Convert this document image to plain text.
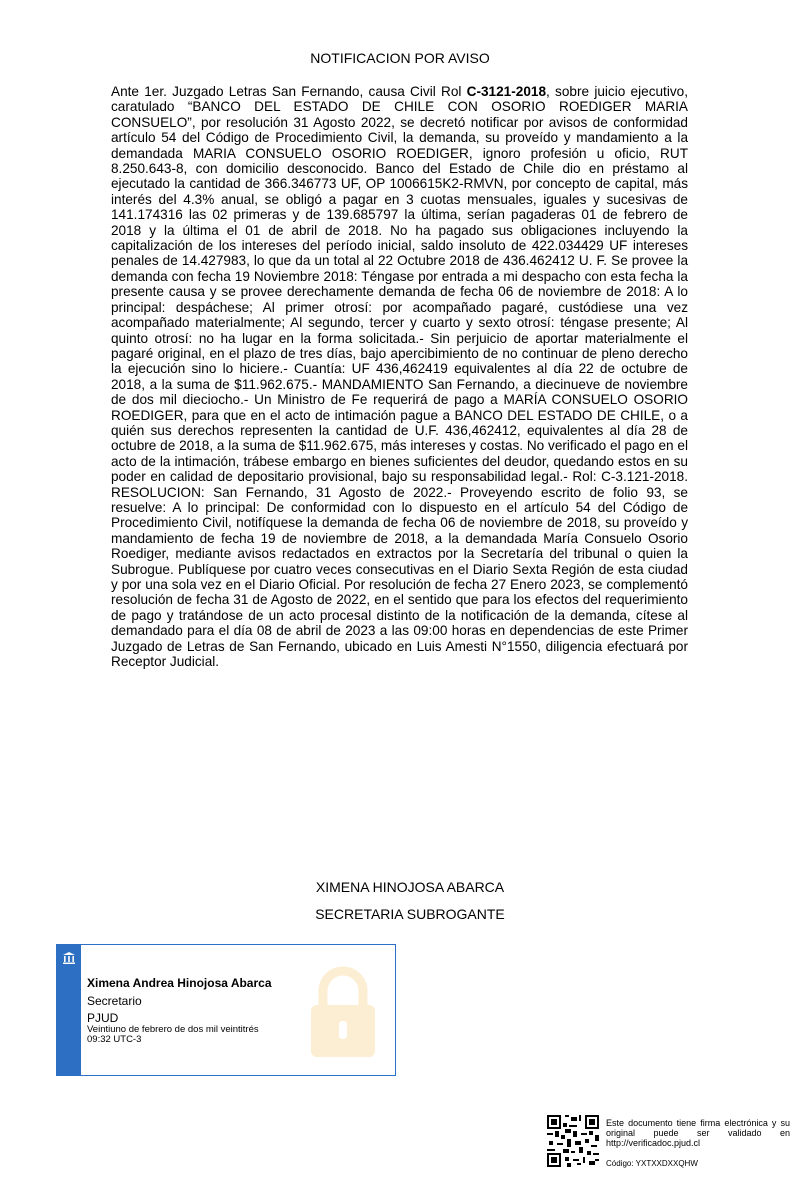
NOTIFICACION POR AVISO
Ante 1er. Juzgado Letras San Fernando, causa Civil Rol C-3121-2018, sobre juicio ejecutivo, caratulado “BANCO DEL ESTADO DE CHILE CON OSORIO ROEDIGER MARIA CONSUELO”, por resolución 31 Agosto 2022, se decretó notificar por avisos de conformidad artículo 54 del Código de Procedimiento Civil, la demanda, su proveído y mandamiento a la demandada MARIA CONSUELO OSORIO ROEDIGER, ignoro profesión u oficio, RUT 8.250.643-8, con domicilio desconocido. Banco del Estado de Chile dio en préstamo al ejecutado la cantidad de 366.346773 UF, OP 1006615K2-RMVN, por concepto de capital, más interés del 4.3% anual, se obligó a pagar en 3 cuotas mensuales, iguales y sucesivas de 141.174316 las 02 primeras y de 139.685797 la última, serían pagaderas 01 de febrero de 2018 y la última el 01 de abril de 2018. No ha pagado sus obligaciones incluyendo la capitalización de los intereses del período inicial, saldo insoluto de 422.034429 UF intereses penales de 14.427983, lo que da un total al 22 Octubre 2018 de 436.462412 U. F. Se provee la demanda con fecha 19 Noviembre 2018: Téngase por entrada a mi despacho con esta fecha la presente causa y se provee derechamente demanda de fecha 06 de noviembre de 2018: A lo principal: despáchese; Al primer otrosí: por acompañado pagaré, custódiese una vez acompañado materialmente; Al segundo, tercer y cuarto y sexto otrosí: téngase presente; Al quinto otrosí: no ha lugar en la forma solicitada.- Sin perjuicio de aportar materialmente el pagaré original, en el plazo de tres días, bajo apercibimiento de no continuar de pleno derecho la ejecución sino lo hiciere.- Cuantía: UF 436,462419 equivalentes al día 22 de octubre de 2018, a la suma de $11.962.675.- MANDAMIENTO San Fernando, a diecinueve de noviembre de dos mil dieciocho.- Un Ministro de Fe requerirá de pago a MARÍA CONSUELO OSORIO ROEDIGER, para que en el acto de intimación pague a BANCO DEL ESTADO DE CHILE, o a quién sus derechos representen la cantidad de U.F. 436,462412, equivalentes al día 28 de octubre de 2018, a la suma de $11.962.675, más intereses y costas. No verificado el pago en el acto de la intimación, trábese embargo en bienes suficientes del deudor, quedando estos en su poder en calidad de depositario provisional, bajo su responsabilidad legal.- Rol: C-3.121-2018. RESOLUCION: San Fernando, 31 Agosto de 2022.- Proveyendo escrito de folio 93, se resuelve: A lo principal: De conformidad con lo dispuesto en el artículo 54 del Código de Procedimiento Civil, notifíquese la demanda de fecha 06 de noviembre de 2018, su proveído y mandamiento de fecha 19 de noviembre de 2018, a la demandada María Consuelo Osorio Roediger, mediante avisos redactados en extractos por la Secretaría del tribunal o quien la Subrogue. Publíquese por cuatro veces consecutivas en el Diario Sexta Región de esta ciudad y por una sola vez en el Diario Oficial. Por resolución de fecha 27 Enero 2023, se complementó resolución de fecha 31 de Agosto de 2022, en el sentido que para los efectos del requerimiento de pago y tratándose de un acto procesal distinto de la notificación de la demanda, cítese al demandado para el día 08 de abril de 2023 a las 09:00 horas en dependencias de este Primer Juzgado de Letras de San Fernando, ubicado en Luis Amesti N°1550, diligencia efectuará por Receptor Judicial.
XIMENA HINOJOSA ABARCA
SECRETARIA SUBROGANTE
Ximena Andrea Hinojosa Abarca
Secretario
PJUD
Veintiuno de febrero de dos mil veintitrés
09:32 UTC-3
Este documento tiene firma electrónica y su original puede ser validado en http://verificadoc.pjud.cl
Código: YXTXXDXXQHW
